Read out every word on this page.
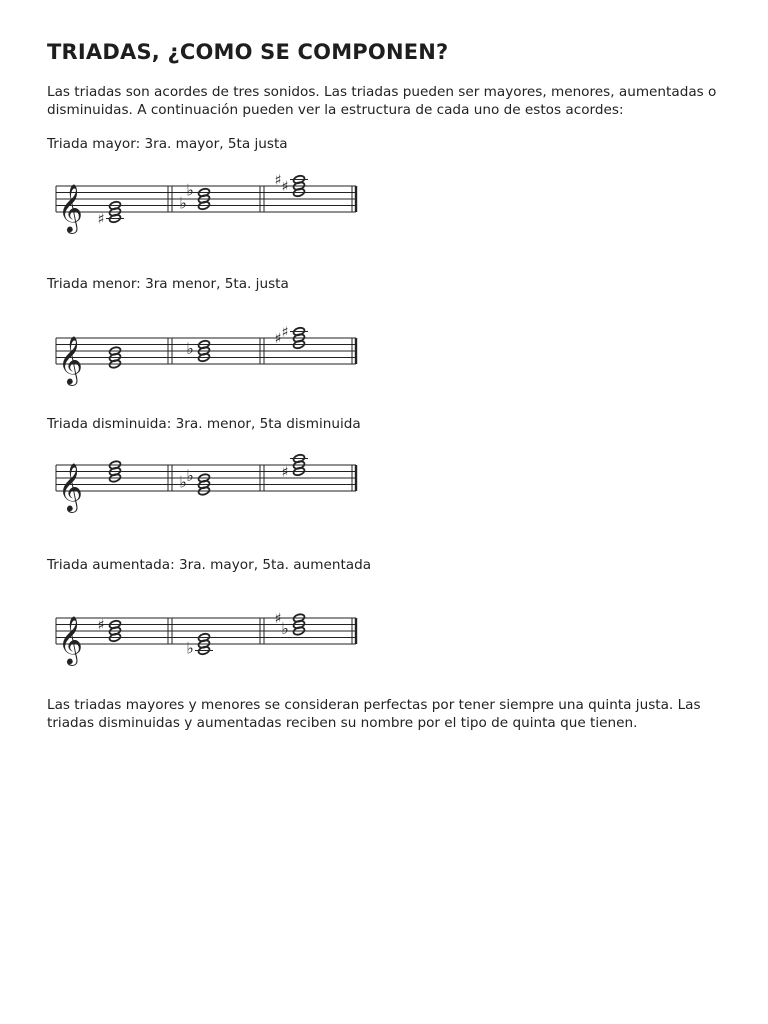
TRIADAS, ¿COMO SE COMPONEN?

Las triadas son acordes de tres sonidos. Las triadas pueden ser mayores, menores, aumentadas o disminuidas. A continuación pueden ver la estructura de cada uno de estos acordes:

Triada mayor: 3ra. mayor, 5ta justa

𝄞 ♯
♭
♭
♯
♯

Triada menor: 3ra menor, 5ta. justa

𝄞	♭
♯
♯

Triada disminuida: 3ra. menor, 5ta disminuida

𝄞	♭
♭	♯

Triada aumentada: 3ra. mayor, 5ta. aumentada

𝄞 ♯
♭
♭
♯

Las triadas mayores y menores se consideran perfectas por tener siempre una quinta justa. Las triadas disminuidas y aumentadas reciben su nombre por el tipo de quinta que tienen.
